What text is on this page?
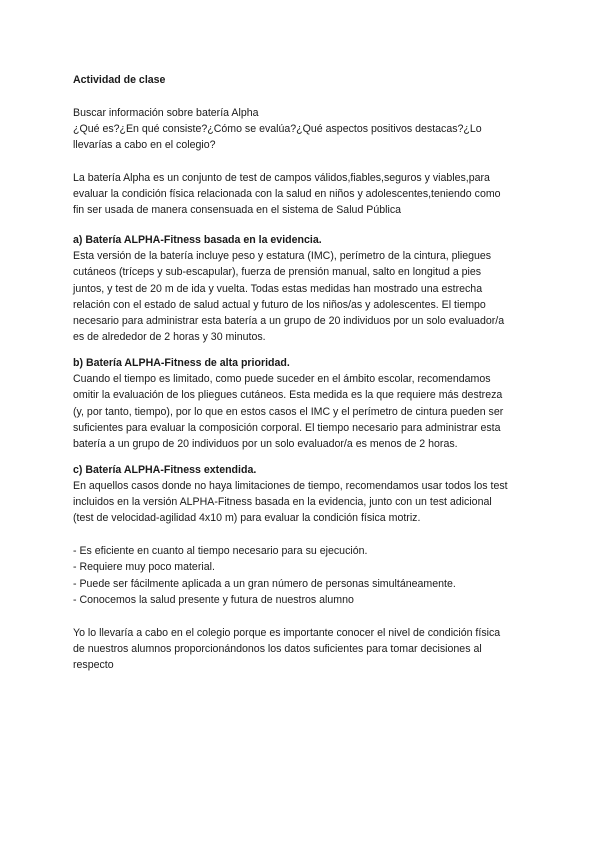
Actividad de clase
Buscar información sobre batería Alpha
¿Qué es?¿En qué consiste?¿Cómo se evalúa?¿Qué aspectos positivos destacas?¿Lo
llevarías a cabo en el colegio?
La batería Alpha es un conjunto de test de campos válidos,fiables,seguros y viables,para
evaluar la condición física relacionada con la salud en niños y adolescentes,teniendo como
fin ser usada de manera consensuada en el sistema de Salud Pública
a) Batería ALPHA-Fitness basada en la evidencia.
Esta versión de la batería incluye peso y estatura (IMC), perímetro de la cintura, pliegues
cutáneos (tríceps y sub-escapular), fuerza de prensión manual, salto en longitud a pies
juntos, y test de 20 m de ida y vuelta. Todas estas medidas han mostrado una estrecha
relación con el estado de salud actual y futuro de los niños/as y adolescentes. El tiempo
necesario para administrar esta batería a un grupo de 20 individuos por un solo evaluador/a
es de alrededor de 2 horas y 30 minutos.
b) Batería ALPHA-Fitness de alta prioridad.
Cuando el tiempo es limitado, como puede suceder en el ámbito escolar, recomendamos
omitir la evaluación de los pliegues cutáneos. Esta medida es la que requiere más destreza
(y, por tanto, tiempo), por lo que en estos casos el IMC y el perímetro de cintura pueden ser
suficientes para evaluar la composición corporal. El tiempo necesario para administrar esta
batería a un grupo de 20 individuos por un solo evaluador/a es menos de 2 horas.
c) Batería ALPHA-Fitness extendida.
En aquellos casos donde no haya limitaciones de tiempo, recomendamos usar todos los test
incluidos en la versión ALPHA-Fitness basada en la evidencia, junto con un test adicional
(test de velocidad-agilidad 4x10 m) para evaluar la condición física motriz.
- Es eficiente en cuanto al tiempo necesario para su ejecución.
- Requiere muy poco material.
- Puede ser fácilmente aplicada a un gran número de personas simultáneamente.
- Conocemos la salud presente y futura de nuestros alumno
Yo lo llevaría a cabo en el colegio porque es importante conocer el nivel de condición física
de nuestros alumnos proporcionándonos los datos suficientes para tomar decisiones al
respecto
